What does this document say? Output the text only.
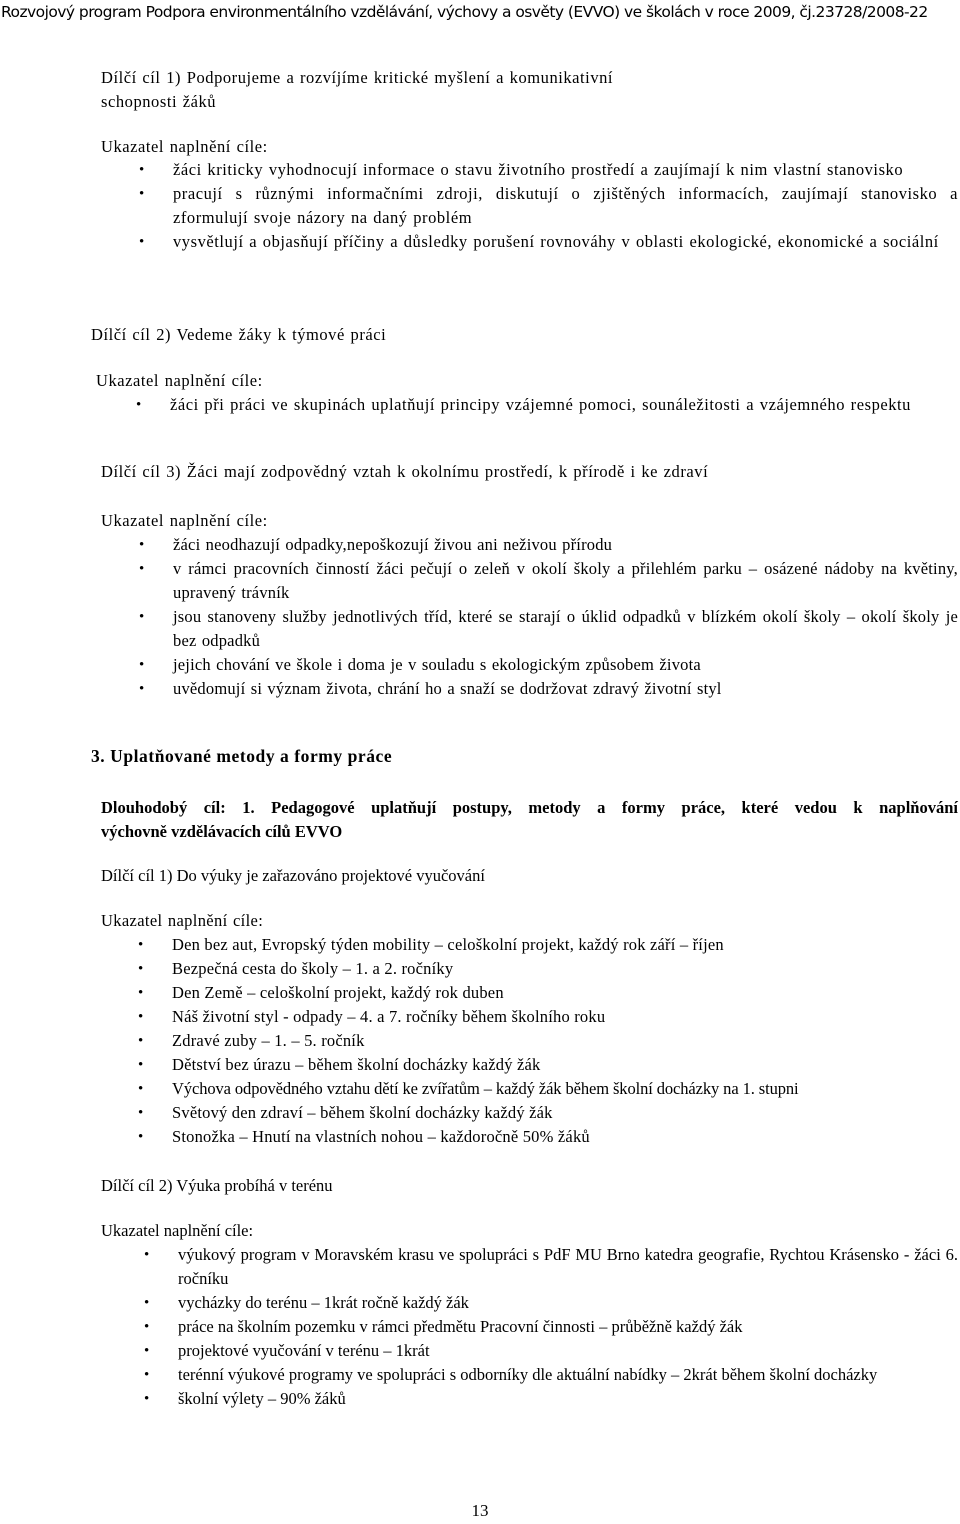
Rozvojový program Podpora environmentálního vzdělávání, výchovy a osvěty (EVVO) ve školách v roce 2009, čj.23728/2008-22
Dílčí cíl 1) Podporujeme a rozvíjíme kritické myšlení a komunikativní
schopnosti žáků
Ukazatel naplnění cíle:
• žáci kriticky vyhodnocují informace o stavu životního prostředí a zaujímají k nim vlastní stanovisko
• pracují s různými informačními zdroji, diskutují o zjištěných informacích, zaujímají stanovisko a zformulují svoje názory na daný problém
• vysvětlují a objasňují příčiny a důsledky porušení rovnováhy v oblasti ekologické, ekonomické a sociální
Dílčí cíl 2) Vedeme žáky k týmové práci
Ukazatel naplnění cíle:
• žáci při práci ve skupinách uplatňují principy vzájemné pomoci, sounáležitosti a vzájemného respektu
Dílčí cíl 3) Žáci mají zodpovědný vztah k okolnímu prostředí, k přírodě i ke zdraví
Ukazatel naplnění cíle:
• žáci neodhazují odpadky,nepoškozují živou ani neživou přírodu
• v rámci pracovních činností žáci pečují o zeleň v okolí školy a přilehlém parku – osázené nádoby na květiny, upravený trávník
• jsou stanoveny služby jednotlivých tříd, které se starají o úklid odpadků v blízkém okolí školy – okolí školy je bez odpadků
• jejich chování ve škole i doma je v souladu s ekologickým způsobem života
• uvědomují si význam života, chrání ho a snaží se dodržovat zdravý životní styl
3. Uplatňované metody a formy práce
Dlouhodobý cíl: 1. Pedagogové uplatňují postupy, metody a formy práce, které vedou k naplňování
výchovně vzdělávacích cílů EVVO
Dílčí cíl 1) Do výuky je zařazováno projektové vyučování
Ukazatel naplnění cíle:
• Den bez aut, Evropský týden mobility – celoškolní projekt, každý rok září – říjen
• Bezpečná cesta do školy – 1. a 2. ročníky
• Den Země – celoškolní projekt, každý rok duben
• Náš životní styl - odpady – 4. a 7. ročníky během školního roku
• Zdravé zuby – 1. – 5. ročník
• Dětství bez úrazu – během školní docházky každý žák
• Výchova odpovědného vztahu dětí ke zvířatům – každý žák během školní docházky na 1. stupni
• Světový den zdraví – během školní docházky každý žák
• Stonožka – Hnutí na vlastních nohou – každoročně 50% žáků
Dílčí cíl 2) Výuka probíhá v terénu
Ukazatel naplnění cíle:
• výukový program v Moravském krasu ve spolupráci s PdF MU Brno katedra geografie, Rychtou Krásensko - žáci 6. ročníku
• vycházky do terénu – 1krát ročně každý žák
• práce na školním pozemku v rámci předmětu Pracovní činnosti – průběžně každý žák
• projektové vyučování v terénu – 1krát
• terénní výukové programy ve spolupráci s odborníky dle aktuální nabídky – 2krát během školní docházky
• školní výlety – 90% žáků
13
